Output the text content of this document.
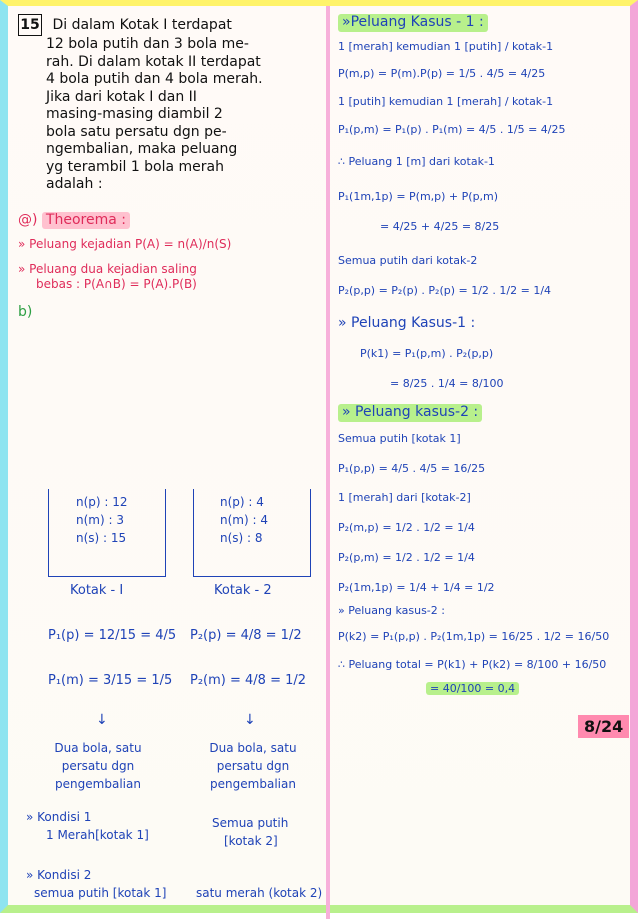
15 Di dalam Kotak I terdapat
12 bola putih dan 3 bola me-
rah. Di dalam kotak II terdapat
4 bola putih dan 4 bola merah.
Jika dari kotak I dan II
masing-masing diambil 2
bola satu persatu dgn pe-
ngembalian, maka peluang
yg terambil 1 bola merah
adalah :
@) Theorema :
» Peluang kejadian P(A) = n(A)/n(S)
» Peluang dua kejadian saling
bebas : P(A∩B) = P(A).P(B)
b)
n(p) : 12
n(m) : 3
n(s) : 15
Kotak - I
n(p) : 4
n(m) : 4
n(s) : 8
Kotak - 2
P₁(p) = 12/15 = 4/5
P₁(m) = 3/15 = 1/5
P₂(p) = 4/8 = 1/2
P₂(m) = 4/8 = 1/2
↓	↓
Dua bola, satu
persatu dgn
pengembalian
Dua bola, satu
persatu dgn
pengembalian
» Kondisi 1
1 Merah[kotak 1]
Semua putih
[kotak 2]
» Kondisi 2
semua putih [kotak 1] satu merah (kotak 2)
»Peluang Kasus - 1 :
1 [merah] kemudian 1 [putih] / kotak-1
P(m,p) = P(m).P(p) = 1/5 . 4/5 = 4/25
1 [putih] kemudian 1 [merah] / kotak-1
P₁(p,m) = P₁(p) . P₁(m) = 4/5 . 1/5 = 4/25
∴ Peluang 1 [m] dari kotak-1
P₁(1m,1p) = P(m,p) + P(p,m)
= 4/25 + 4/25 = 8/25
Semua putih dari kotak-2
P₂(p,p) = P₂(p) . P₂(p) = 1/2 . 1/2 = 1/4
» Peluang Kasus-1 :
P(k1) = P₁(p,m) . P₂(p,p)
= 8/25 . 1/4 = 8/100
» Peluang kasus-2 :
Semua putih [kotak 1]
P₁(p,p) = 4/5 . 4/5 = 16/25
1 [merah] dari [kotak-2]
P₂(m,p) = 1/2 . 1/2 = 1/4
P₂(p,m) = 1/2 . 1/2 = 1/4
P₂(1m,1p) = 1/4 + 1/4 = 1/2
» Peluang kasus-2 :
P(k2) = P₁(p,p) . P₂(1m,1p) = 16/25 . 1/2 = 16/50
∴ Peluang total = P(k1) + P(k2) = 8/100 + 16/50
= 40/100 = 0,4
8/24
